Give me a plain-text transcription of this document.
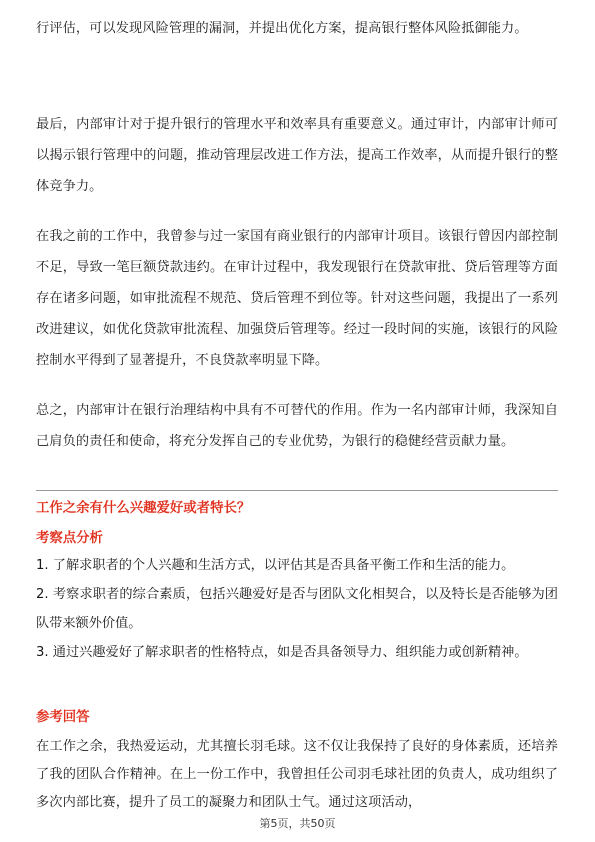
行评估，可以发现风险管理的漏洞，并提出优化方案，提高银行整体风险抵御能力。

最后，内部审计对于提升银行的管理水平和效率具有重要意义。通过审计，内部审计师可以揭示银行管理中的问题，推动管理层改进工作方法，提高工作效率，从而提升银行的整体竞争力。

在我之前的工作中，我曾参与过一家国有商业银行的内部审计项目。该银行曾因内部控制不足，导致一笔巨额贷款违约。在审计过程中，我发现银行在贷款审批、贷后管理等方面存在诸多问题，如审批流程不规范、贷后管理不到位等。针对这些问题，我提出了一系列改进建议，如优化贷款审批流程、加强贷后管理等。经过一段时间的实施，该银行的风险控制水平得到了显著提升，不良贷款率明显下降。

总之，内部审计在银行治理结构中具有不可替代的作用。作为一名内部审计师，我深知自己肩负的责任和使命，将充分发挥自己的专业优势，为银行的稳健经营贡献力量。

工作之余有什么兴趣爱好或者特长？
考察点分析

1. 了解求职者的个人兴趣和生活方式，以评估其是否具备平衡工作和生活的能力。

2. 考察求职者的综合素质，包括兴趣爱好是否与团队文化相契合，以及特长是否能够为团队带来额外价值。

3. 通过兴趣爱好了解求职者的性格特点，如是否具备领导力、组织能力或创新精神。

参考回答

在工作之余，我热爱运动，尤其擅长羽毛球。这不仅让我保持了良好的身体素质，还培养了我的团队合作精神。在上一份工作中，我曾担任公司羽毛球社团的负责人，成功组织了多次内部比赛，提升了员工的凝聚力和团队士气。通过这项活动，

第5页，共50页
